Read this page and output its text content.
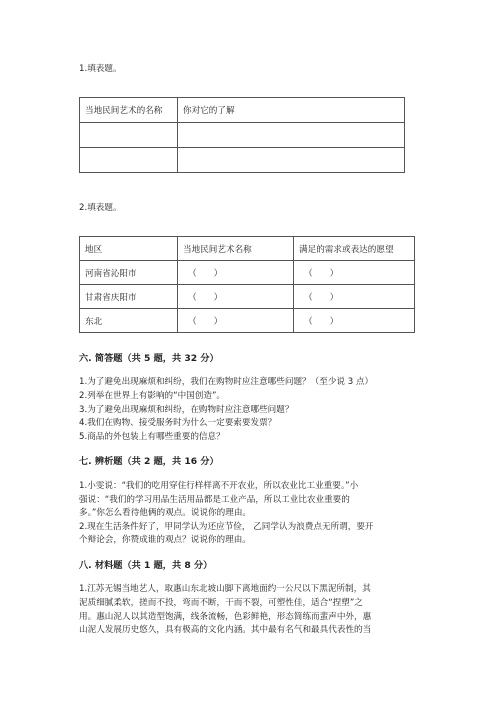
1.填表题。
当地民间艺术的名称	你对它的了解

2.填表题。
地区	当地民间艺术名称	满足的需求或表达的愿望
河南省沁阳市	（　　）	（　　）
甘肃省庆阳市	（　　）	（　　）
东北	（　　）	（　　）
六. 简答题（共 5 题，共 32 分）
1.为了避免出现麻烦和纠纷，我们在购物时应注意哪些问题？（至少说 3 点）
2.列举在世界上有影响的“中国创造”。
3.为了避免出现麻烦和纠纷，在购物时应注意哪些问题？
4.我们在购物、接受服务时为什么一定要索要发票？
5.商品的外包装上有哪些重要的信息？
七. 辨析题（共 2 题，共 16 分）
1.小雯说：“我们的吃用穿住行样样离不开农业，所以农业比工业重要。”小
强说：“我们的学习用品生活用品都是工业产品，所以工业比农业重要的
多。”你怎么看待他俩的观点。说说你的理由。
2.现在生活条件好了，甲同学认为还应节俭， 乙同学认为浪费点无所谓，要开
个辩论会，你赞成谁的观点？说说你的理由。
八. 材料题（共 1 题，共 8 分）
1.江苏无锡当地艺人，取惠山东北坡山脚下离地面约一公尺以下黑泥所制，其
泥质细腻柔软，搓而不投，弯而不断，干而不裂，可塑性佳，适合“捏塑”之
用。惠山泥人以其造型饱满，线条流畅，色彩鲜艳，形态简练而蜚声中外，惠
山泥人发展历史悠久，具有极高的文化内涵。其中最有名气和最具代表性的当
